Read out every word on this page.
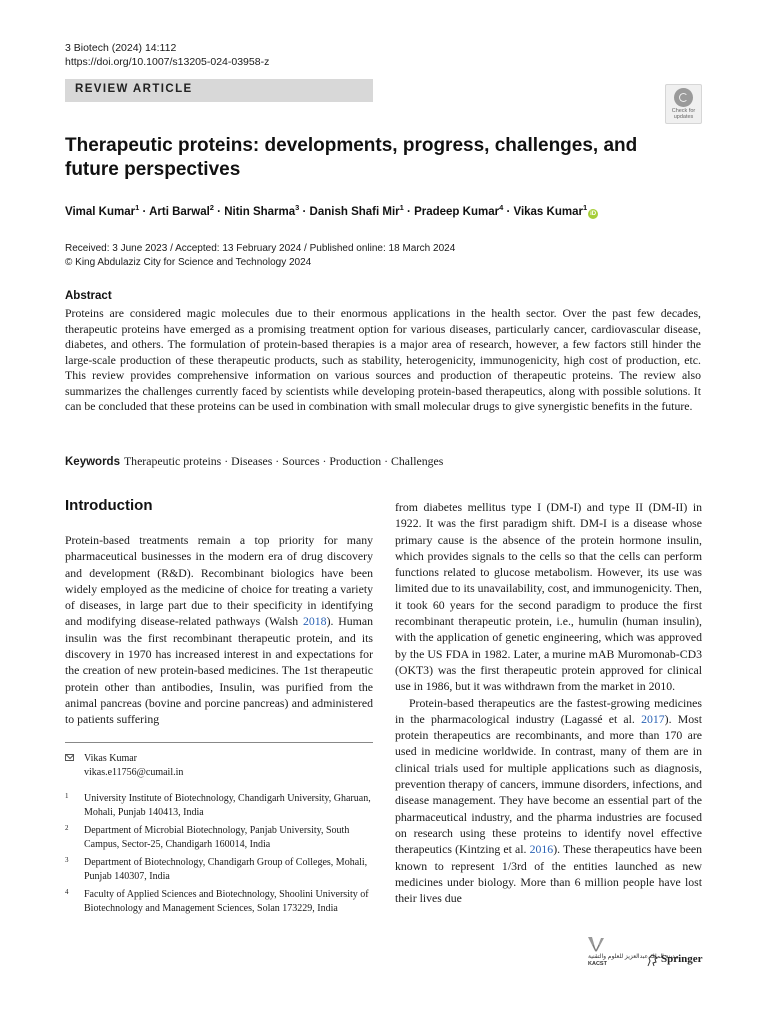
3 Biotech (2024) 14:112
https://doi.org/10.1007/s13205-024-03958-z
REVIEW ARTICLE
Check for
updates
Therapeutic proteins: developments, progress, challenges, and future perspectives
Vimal Kumar$^1$ · Arti Barwal$^2$ · Nitin Sharma$^3$ · Danish Shafi Mir$^1$ · Pradeep Kumar$^4$ · Vikas Kumar$^1$iD
Received: 3 June 2023 / Accepted: 13 February 2024 / Published online: 18 March 2024
© King Abdulaziz City for Science and Technology 2024
Abstract
Proteins are considered magic molecules due to their enormous applications in the health sector. Over the past few decades, therapeutic proteins have emerged as a promising treatment option for various diseases, particularly cancer, cardiovascular disease, diabetes, and others. The formulation of protein-based therapies is a major area of research, however, a few factors still hinder the large-scale production of these therapeutic products, such as stability, heterogenicity, immunogenicity, high cost of production, etc. This review provides comprehensive information on various sources and production of therapeutic proteins. The review also summarizes the challenges currently faced by scientists while developing protein-based therapeutics, along with possible solutions. It can be concluded that these proteins can be used in combination with small molecular drugs to give synergistic benefits in the future.
Keywords Therapeutic proteins · Diseases · Sources · Production · Challenges
Introduction

Protein-based treatments remain a top priority for many pharmaceutical businesses in the modern era of drug discovery and development (R&D). Recombinant biologics have been widely employed as the medicine of choice for treating a variety of diseases, in large part due to their specificity in identifying and modifying disease-related pathways (Walsh 2018). Human insulin was the first recombinant therapeutic protein, and its discovery in 1970 has increased interest in and expectations for the creation of new protein-based medicines. The 1st therapeutic protein other than antibodies, Insulin, was purified from the animal pancreas (bovine and porcine pancreas) and administered to patients suffering

from diabetes mellitus type I (DM-I) and type II (DM-II) in 1922. It was the first paradigm shift. DM-I is a disease whose primary cause is the absence of the protein hormone insulin, which provides signals to the cells so that the cells can perform functions related to glucose metabolism. However, its use was limited due to its unavailability, cost, and immunogenicity. Then, it took 60 years for the second paradigm to produce the first recombinant therapeutic protein, i.e., humulin (human insulin), with the application of genetic engineering, which was approved by the US FDA in 1982. Later, a murine mAB Muromonab-CD3 (OKT3) was the first therapeutic protein approved for clinical use in 1986, but it was withdrawn from the market in 2010.

Protein-based therapeutics are the fastest-growing medicines in the pharmacological industry (Lagassé et al. 2017). Most protein therapeutics are recombinants, and more than 170 are used in medicine worldwide. In contrast, many of them are in clinical trials used for multiple applications such as diagnosis, prevention therapy of cancers, immune disorders, infections, and disease management. They have become an essential part of the pharmaceutical industry, and the pharma industries are focused on research using these proteins to identify novel effective therapeutics (Kintzing et al. 2016). These therapeutics have been known to represent 1/3rd of the entities launched as new medicines under biology. More than 6 million people have lost their lives due

Vikas Kumar
vikas.e11756@cumail.in
1 University Institute of Biotechnology, Chandigarh University, Gharuan, Mohali, Punjab 140413, India
2 Department of Microbial Biotechnology, Panjab University, South Campus, Sector-25, Chandigarh 160014, India
3 Department of Biotechnology, Chandigarh Group of Colleges, Mohali, Punjab 140307, India
4 Faculty of Applied Sciences and Biotechnology, Shoolini University of Biotechnology and Management Sciences, Solan 173229, India
مدينة الملك عبدالعزيز للعلوم والتقنية
KACST	Springer
